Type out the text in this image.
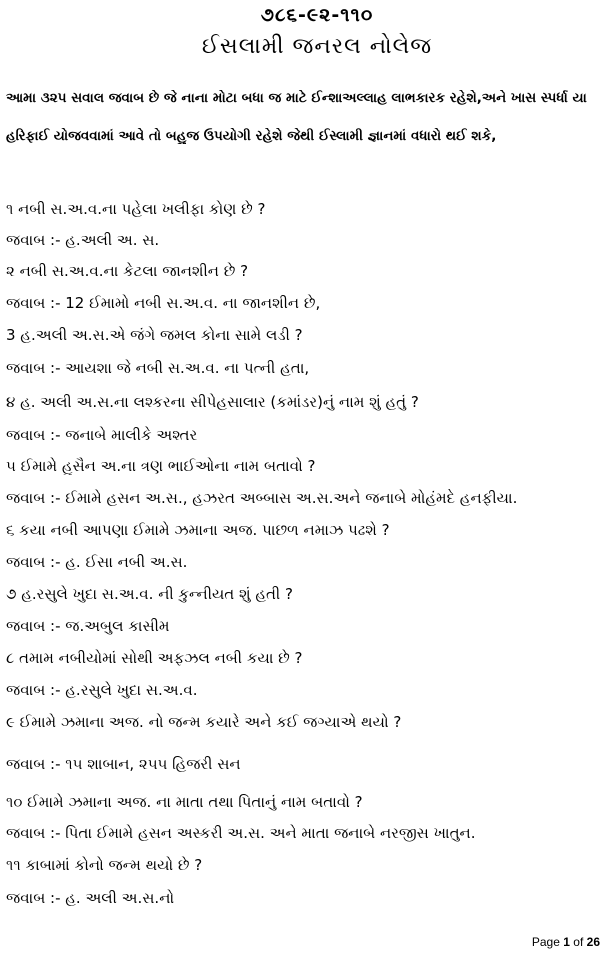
૭૮૬-૯૨-૧૧૦
ઈસલામી જનરલ નોલેજ
આમા ૩૨૫ સવાલ જવાબ છે જે નાના મોટા બધા જ માટે ઈન્શાઅલ્લાહ લાભકારક રહેશે,અને ખાસ સ્પર્ધા યા
હરિફાઈ યોજવવામાં આવે તો બહુજ ઉપયોગી રહેશે જેથી ઈસ્લામી જ્ઞાનમાં વધારો થઈ શકે,
૧ નબી સ.અ.વ.ના પહેલા ખલીફા કોણ છે ?
જવાબ :- હ.અલી અ. સ.
૨ નબી સ.અ.વ.ના કેટલા જાનશીન છે ?
જવાબ :- 12 ઈમામો નબી સ.અ.વ. ના જાનશીન છે,
3 હ.અલી અ.સ.એ જંગે જમલ કોના સામે લડી ?
જવાબ :- આયશા જે નબી સ.અ.વ. ના પત્ની હતા,
૪ હ. અલી અ.સ.ના લશ્કરના સીપેહસાલાર (કમાંડર)નું નામ શું હતું ?
જવાબ :- જનાબે માલીકે અશ્તર
૫ ઈમામે હુસૈન અ.ના ત્રણ ભાઈઓના નામ બતાવો ?
જવાબ :- ઈમામે હસન અ.સ., હઝરત અબ્બાસ અ.સ.અને જનાબે મોહંમદે હનફીયા.
૬ કયા નબી આપણા ઈમામે ઝમાના અજ. પાછળ નમાઝ પઢશે ?
જવાબ :- હ. ઈસા નબી અ.સ.
૭ હ.રસુલે ખુદા સ.અ.વ. ની કુન્નીયત શું હતી ?
જવાબ :- જ.અબુલ કાસીમ
૮ તમામ નબીયોમાં સોથી અફઝલ નબી કયા છે ?
જવાબ :- હ.રસુલે ખુદા સ.અ.વ.
૯ ઈમામે ઝમાના અજ. નો જન્મ કયારે અને કઈ જગ્યાએ થયો ?
જવાબ :- ૧૫ શાબાન, ૨૫૫ હિજરી સન
૧૦ ઈમામે ઝમાના અજ. ના માતા તથા પિતાનું નામ બતાવો ?
જવાબ :- પિતા ઈમામે હસન અસ્કરી અ.સ. અને માતા જનાબે નરજીસ ખાતુન.
૧૧ કાબામાં કોનો જન્મ થયો છે ?
જવાબ :- હ. અલી અ.સ.નો
Page 1 of 26
